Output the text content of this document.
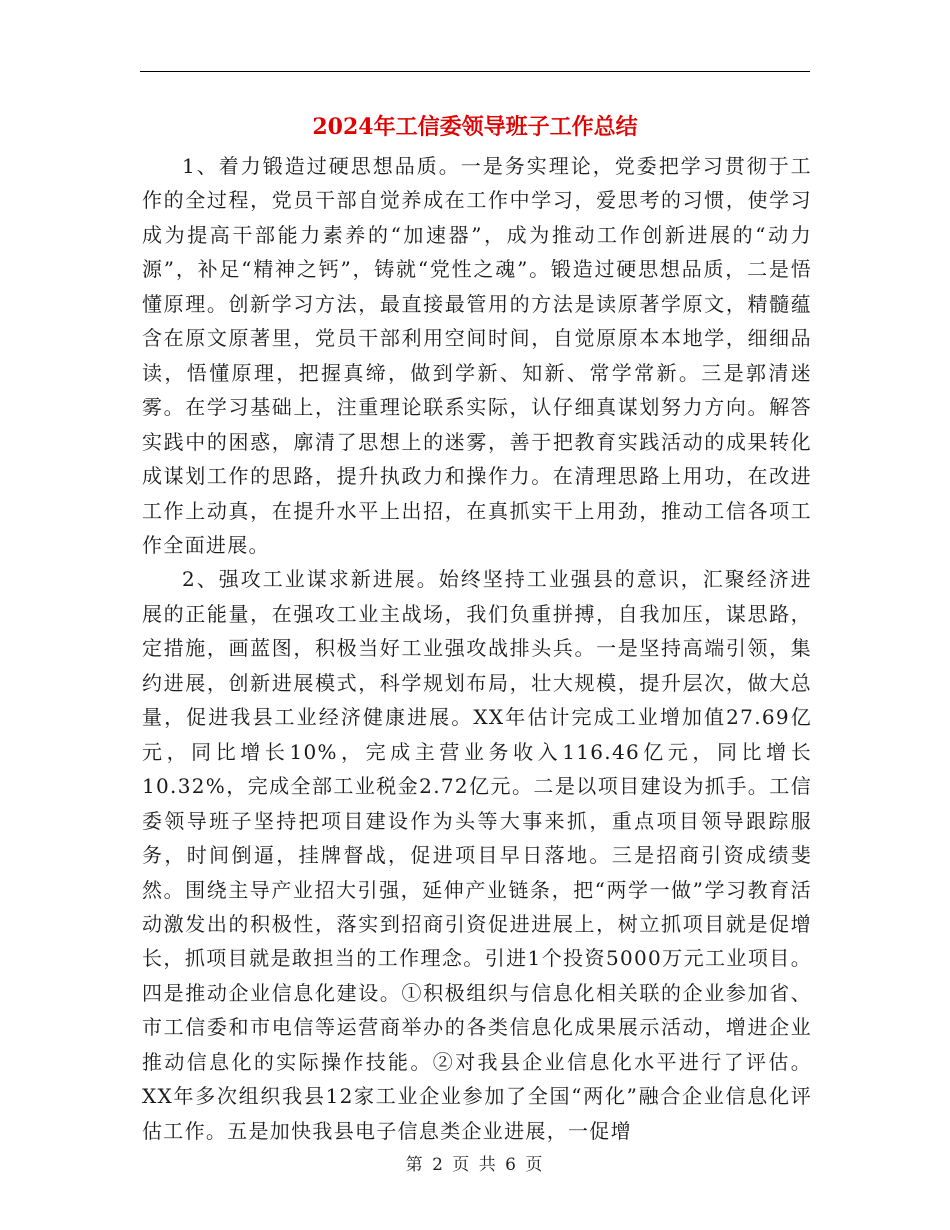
2024年工信委领导班子工作总结

1、着力锻造过硬思想品质。一是务实理论，党委把学习贯彻于工作的全过程，党员干部自觉养成在工作中学习，爱思考的习惯，使学习成为提高干部能力素养的“加速器”，成为推动工作创新进展的“动力源”，补足“精神之钙”，铸就“党性之魂”。锻造过硬思想品质，二是悟懂原理。创新学习方法，最直接最管用的方法是读原著学原文，精髓蕴含在原文原著里，党员干部利用空间时间，自觉原原本本地学，细细品读，悟懂原理，把握真缔，做到学新、知新、常学常新。三是郭清迷雾。在学习基础上，注重理论联系实际，认仔细真谋划努力方向。解答实践中的困惑，廓清了思想上的迷雾，善于把教育实践活动的成果转化成谋划工作的思路，提升执政力和操作力。在清理思路上用功，在改进工作上动真，在提升水平上出招，在真抓实干上用劲，推动工信各项工作全面进展。

2、强攻工业谋求新进展。始终坚持工业强县的意识，汇聚经济进展的正能量，在强攻工业主战场，我们负重拼搏，自我加压，谋思路，定措施，画蓝图，积极当好工业强攻战排头兵。一是坚持高端引领，集约进展，创新进展模式，科学规划布局，壮大规模，提升层次，做大总量，促进我县工业经济健康进展。XX年估计完成工业增加值27.69亿元，同比增长10%，完成主营业务收入116.46亿元，同比增长10.32%，完成全部工业税金2.72亿元。二是以项目建设为抓手。工信委领导班子坚持把项目建设作为头等大事来抓，重点项目领导跟踪服务，时间倒逼，挂牌督战，促进项目早日落地。三是招商引资成绩斐然。围绕主导产业招大引强，延伸产业链条，把“两学一做”学习教育活动激发出的积极性，落实到招商引资促进进展上，树立抓项目就是促增长，抓项目就是敢担当的工作理念。引进1个投资5000万元工业项目。四是推动企业信息化建设。①积极组织与信息化相关联的企业参加省、市工信委和市电信等运营商举办的各类信息化成果展示活动，增进企业推动信息化的实际操作技能。②对我县企业信息化水平进行了评估。XX年多次组织我县12家工业企业参加了全国“两化”融合企业信息化评估工作。五是加快我县电子信息类企业进展，一促增

第 2 页 共 6 页
